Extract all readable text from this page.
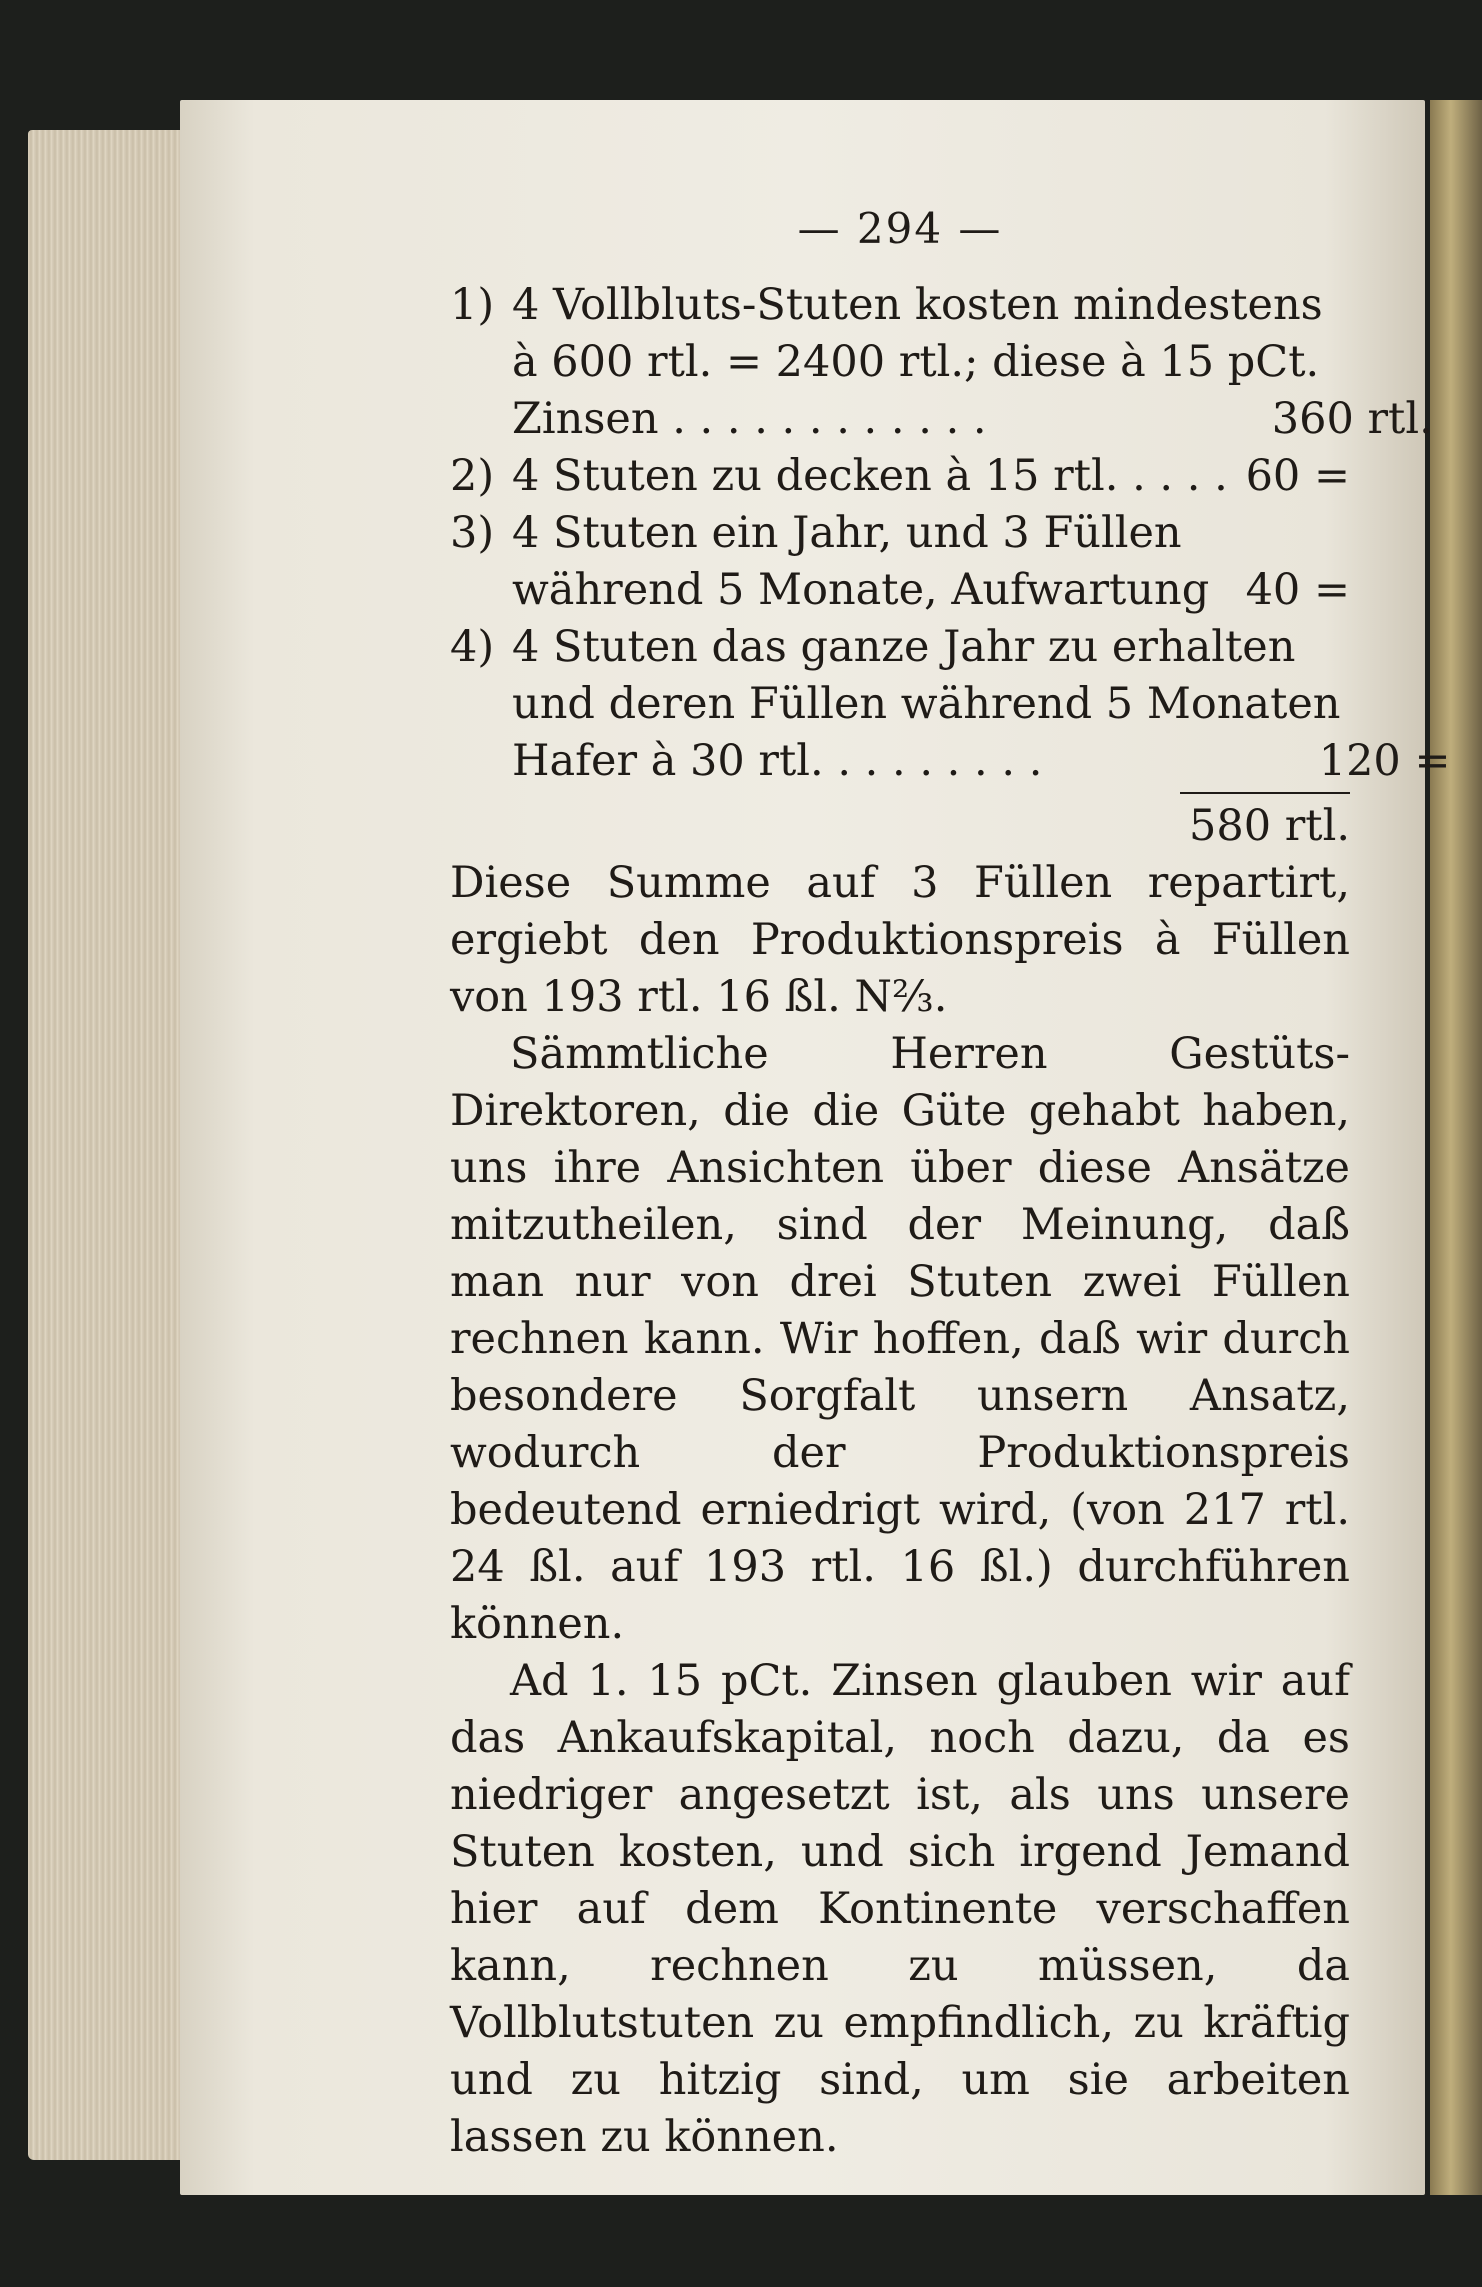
— 294 —
1) 4 Vollbluts-Stuten kosten mindestens
à 600 rtl. = 2400 rtl.; diese à 15 pCt.
Zinsen . . . . . . . . . . . .	360 rtl.
2) 4 Stuten zu decken à 15 rtl. . . . . 60 =
3) 4 Stuten ein Jahr, und 3 Füllen
während 5 Monate, Aufwartung 40 =
4) 4 Stuten das ganze Jahr zu erhalten
und deren Füllen während 5 Monaten
Hafer à 30 rtl. . . . . . . . .	120 =
580 rtl.
Diese Summe auf 3 Füllen repartirt, ergiebt den Produktionspreis à Füllen von 193 rtl. 16 ßl. N⅔.
Sämmtliche Herren Gestüts-Direktoren, die die Güte gehabt haben, uns ihre Ansichten über diese Ansätze mitzutheilen, sind der Meinung, daß man nur von drei Stuten zwei Füllen rechnen kann. Wir hoffen, daß wir durch besondere Sorgfalt unsern Ansatz, wodurch der Produktionspreis bedeutend erniedrigt wird, (von 217 rtl. 24 ßl. auf 193 rtl. 16 ßl.) durchführen können.
Ad 1. 15 pCt. Zinsen glauben wir auf das Ankaufskapital, noch dazu, da es niedriger angesetzt ist, als uns unsere Stuten kosten, und sich irgend Jemand hier auf dem Kontinente verschaffen kann, rechnen zu müssen, da Vollblutstuten zu empfindlich, zu kräftig und zu hitzig sind, um sie arbeiten lassen zu können.
